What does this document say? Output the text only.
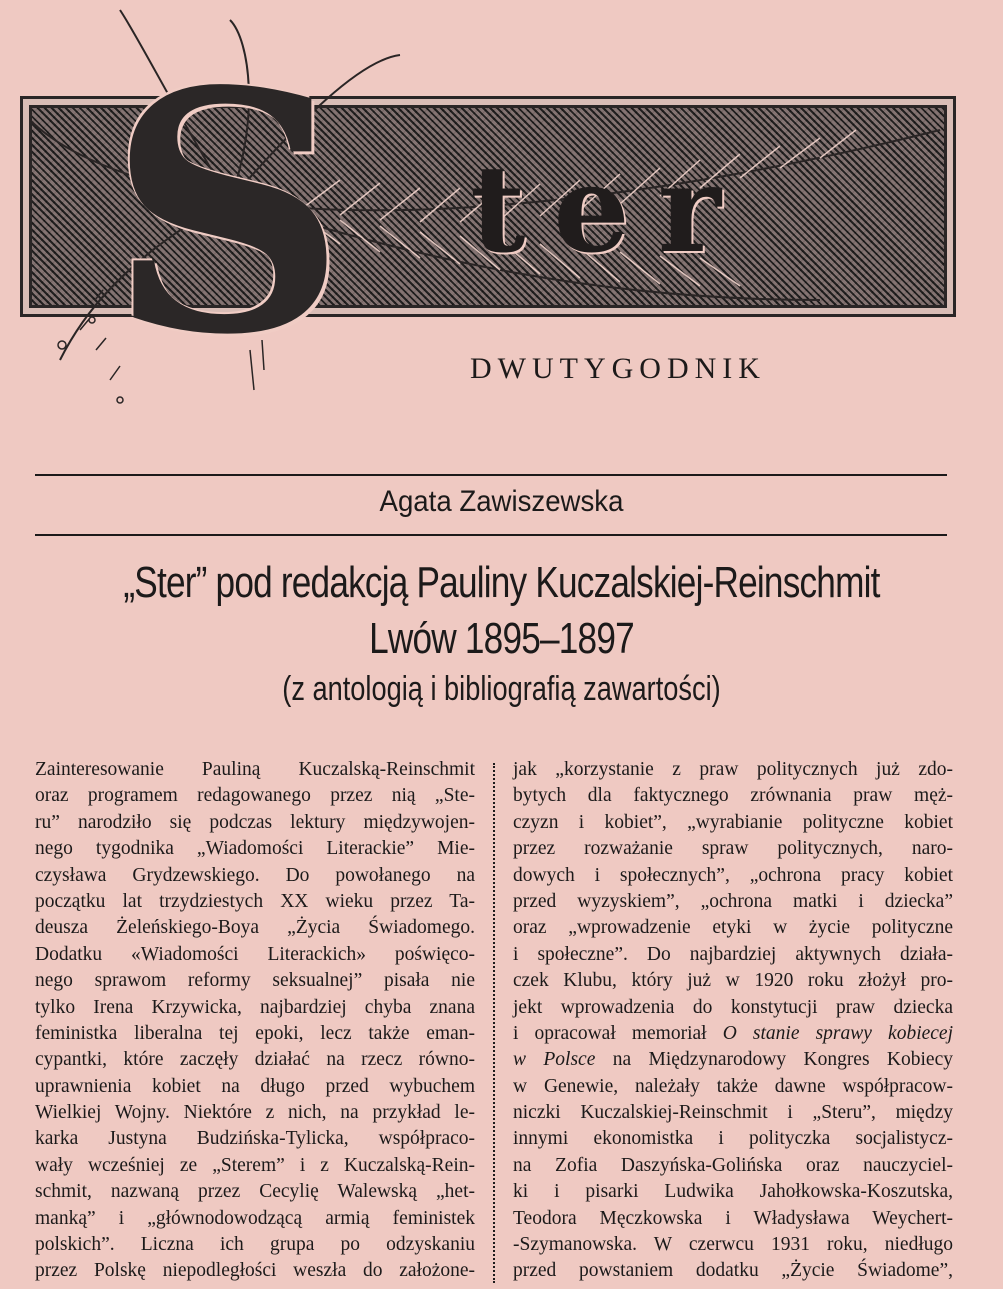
S ter
DWUTYGODNIK
Agata Zawiszewska
„Ster” pod redakcją Pauliny Kuczalskiej-Reinschmit
Lwów 1895–1897
(z antologią i bibliografią zawartości)
Zainteresowanie Pauliną Kuczalską-Reinschmit
oraz programem redagowanego przez nią „Ste-
ru” narodziło się podczas lektury międzywojen-
nego tygodnika „Wiadomości Literackie” Mie-
czysława Grydzewskiego. Do powołanego na
początku lat trzydziestych XX wieku przez Ta-
deusza Żeleńskiego-Boya „Życia Świadomego.
Dodatku «Wiadomości Literackich» poświęco-
nego sprawom reformy seksualnej” pisała nie
tylko Irena Krzywicka, najbardziej chyba znana
feministka liberalna tej epoki, lecz także eman-
cypantki, które zaczęły działać na rzecz równo-
uprawnienia kobiet na długo przed wybuchem
Wielkiej Wojny. Niektóre z nich, na przykład le-
karka Justyna Budzińska-Tylicka, współpraco-
wały wcześniej ze „Sterem” i z Kuczalską-Rein-
schmit, nazwaną przez Cecylię Walewską „het-
manką” i „głównodowodzącą armią feministek
polskich”. Liczna ich grupa po odzyskaniu
przez Polskę niepodległości weszła do założone-
jak „korzystanie z praw politycznych już zdo-
bytych dla faktycznego zrównania praw męż-
czyzn i kobiet”, „wyrabianie polityczne kobiet
przez rozważanie spraw politycznych, naro-
dowych i społecznych”, „ochrona pracy kobiet
przed wyzyskiem”, „ochrona matki i dziecka”
oraz „wprowadzenie etyki w życie polityczne
i społeczne”. Do najbardziej aktywnych działa-
czek Klubu, który już w 1920 roku złożył pro-
jekt wprowadzenia do konstytucji praw dziecka
i opracował memoriał O stanie sprawy kobiecej
w Polsce na Międzynarodowy Kongres Kobiecy
w Genewie, należały także dawne współpracow-
niczki Kuczalskiej-Reinschmit i „Steru”, między
innymi ekonomistka i polityczka socjalistycz-
na Zofia Daszyńska-Golińska oraz nauczyciel-
ki i pisarki Ludwika Jahołkowska-Koszutska,
Teodora Męczkowska i Władysława Weychert-
-Szymanowska. W czerwcu 1931 roku, niedługo
przed powstaniem dodatku „Życie Świadome”,
